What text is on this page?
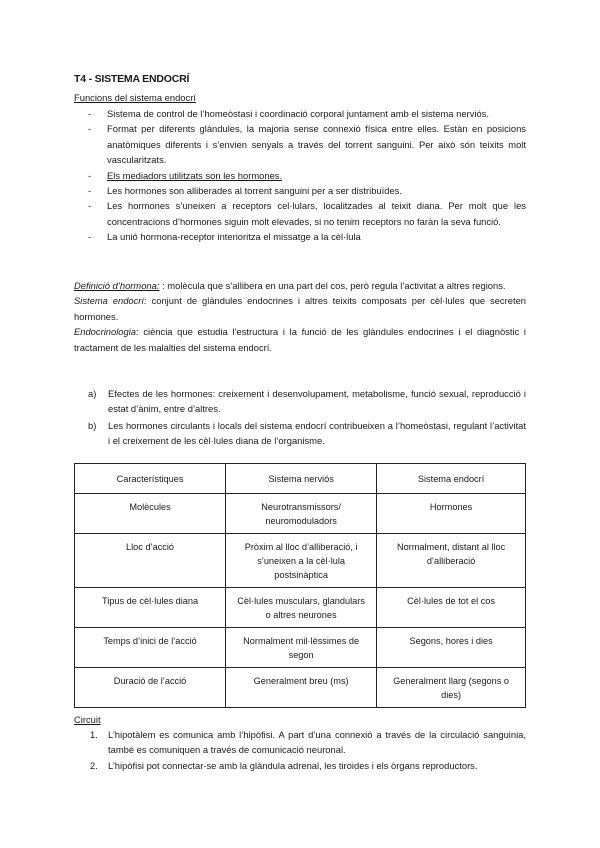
T4 - SISTEMA ENDOCRÍ
Funcions del sistema endocrí
- Sistema de control de l’homeòstasi i coordinació corporal juntament amb el sistema nerviós.
- Format per diferents glàndules, la majoria sense connexió física entre elles. Estàn en posicions anatòmiques diferents i s’envien senyals a través del torrent sanguini. Per això són teixits molt vascularitzats.
- Els mediadors utilitzats son les hormones.
- Les hormones son alliberades al torrent sanguini per a ser distribuïdes.
- Les hormones s’uneixen a receptors cel·lulars, localitzades al teixit diana. Per molt que les concentracions d’hormones siguin molt elevades, si no tenim receptors no faràn la seva funció.
- La unió hormona-receptor interioritza el missatge a la cèl·lula

Definició d’hormona: : molècula que s’allibera en una part del cos, però regula l’activitat a altres regions.

Sistema endocrí: conjunt de glàndules endocrines i altres teixits composats per cèl·lules que secreten hormones.

Endocrinologia: ciència que estudia l’estructura i la funció de les glàndules endocrines i el diagnòstic i tractament de les malalties del sistema endocrí.

a) Efectes de les hormones: creixement i desenvolupament, metabolisme, funció sexual, reproducció i estat d’ànim, entre d’altres.
b) Les hormones circulants i locals del sistema endocrí contribueixen a l’homeòstasi, regulant l’activitat i el creixement de les cèl·lules diana de l’organisme.
Característiques	Sistema nerviós	Sistema endocrí
Molècules	Neurotransmissors/ neuromoduladors	Hormones
Lloc d’acció	Pròxim al lloc d’alliberació, i s’uneixen a la cèl·lula postsinàptica	Normalment, distant al lloc d’alliberació
Tipus de cèl·lules diana	Cèl·lules musculars, glandulars o altres neurones	Cèl·lules de tot el cos
Temps d’inici de l’acció	Normalment mil·lèssimes de segon	Segons, hores i dies
Duració de l’acció	Generalment breu (ms)	Generalment llarg (segons o dies)
Circuit
1. L’hipotàlem es comunica amb l’hipòfisi. A part d’una connexió a través de la circulació sanguinia, també es comuniquen a través de comunicació neuronal.
2. L’hipòfisi pot connectar-se amb la glàndula adrenal, les tiroides i els òrgans reproductors.
